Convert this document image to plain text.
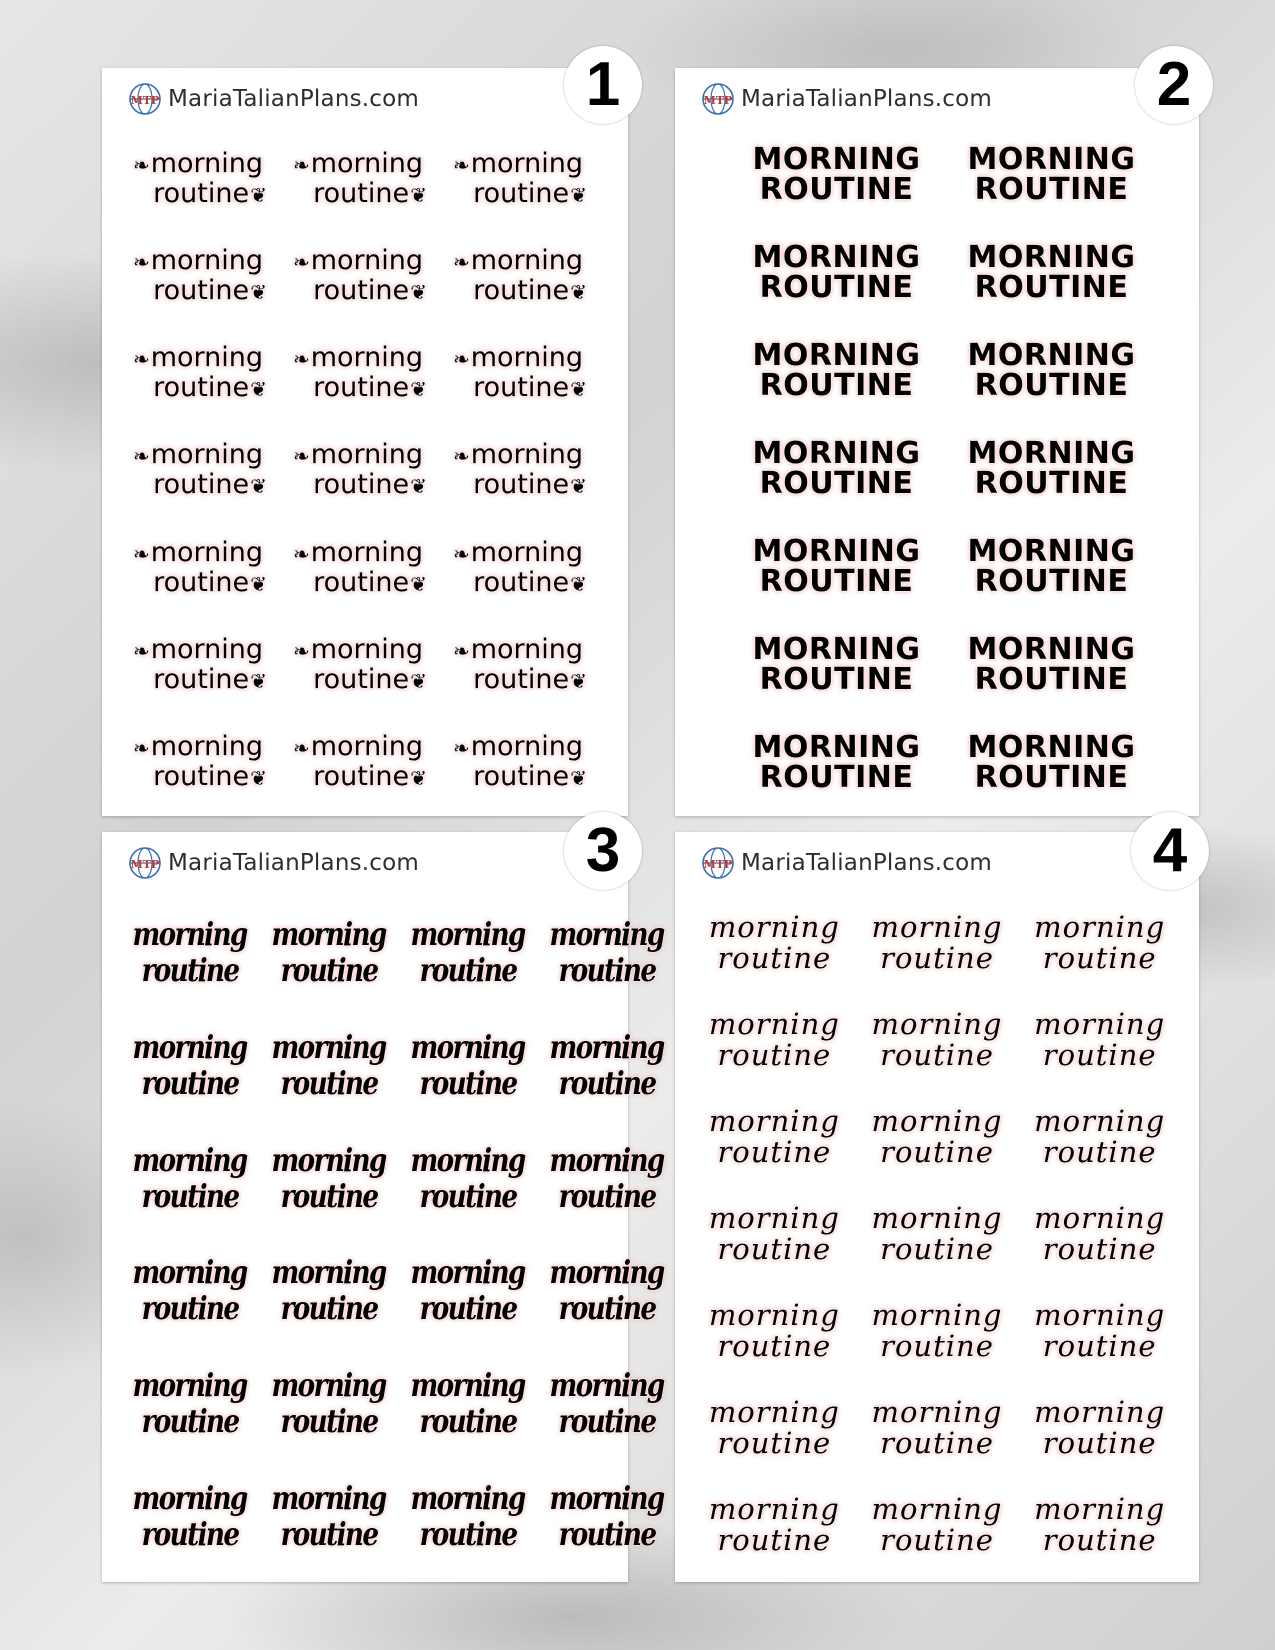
MTP MariaTalianPlans.com	1
❧ morning
routine ❦
❧ morning
routine ❦
❧ morning
routine ❦
❧ morning
routine ❦
❧ morning
routine ❦
❧ morning
routine ❦
❧ morning
routine ❦
❧ morning
routine ❦
❧ morning
routine ❦
❧ morning
routine ❦
❧ morning
routine ❦
❧ morning
routine ❦
❧ morning
routine ❦
❧ morning
routine ❦
❧ morning
routine ❦
❧ morning
routine ❦
❧ morning
routine ❦
❧ morning
routine ❦
❧ morning
routine ❦
❧ morning
routine ❦
❧ morning
routine ❦
MTP MariaTalianPlans.com	2
MORNING
ROUTINE
MORNING
ROUTINE
MORNING
ROUTINE
MORNING
ROUTINE
MORNING
ROUTINE
MORNING
ROUTINE
MORNING
ROUTINE
MORNING
ROUTINE
MORNING
ROUTINE
MORNING
ROUTINE
MORNING
ROUTINE
MORNING
ROUTINE
MORNING
ROUTINE
MORNING
ROUTINE
MTP MariaTalianPlans.com	3
morning
routine
morning
routine
morning
routine
morning
routine
morning
routine
morning
routine
morning
routine
morning
routine
morning
routine
morning
routine
morning
routine
morning
routine
morning
routine
morning
routine
morning
routine
morning
routine
morning
routine
morning
routine
morning
routine
morning
routine
morning
routine
morning
routine
morning
routine
morning
routine
MTP MariaTalianPlans.com	4
morning
routine
morning
routine
morning
routine
morning
routine
morning
routine
morning
routine
morning
routine
morning
routine
morning
routine
morning
routine
morning
routine
morning
routine
morning
routine
morning
routine
morning
routine
morning
routine
morning
routine
morning
routine
morning
routine
morning
routine
morning
routine
